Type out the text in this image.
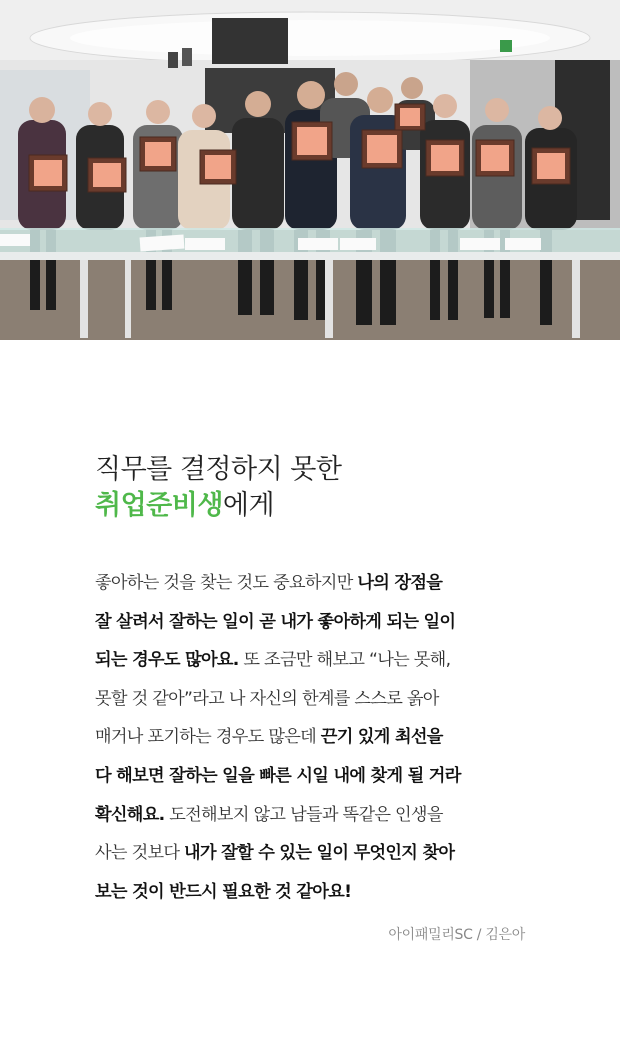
직무를 결정하지 못한
취업준비생에게
좋아하는 것을 찾는 것도 중요하지만 나의 장점을
잘 살려서 잘하는 일이 곧 내가 좋아하게 되는 일이
되는 경우도 많아요. 또 조금만 해보고 “나는 못해,
못할 것 같아”라고 나 자신의 한계를 스스로 옭아
매거나 포기하는 경우도 많은데 끈기 있게 최선을
다 해보면 잘하는 일을 빠른 시일 내에 찾게 될 거라
확신해요. 도전해보지 않고 남들과 똑같은 인생을
사는 것보다 내가 잘할 수 있는 일이 무엇인지 찾아
보는 것이 반드시 필요한 것 같아요!
아이패밀리SC / 김은아
